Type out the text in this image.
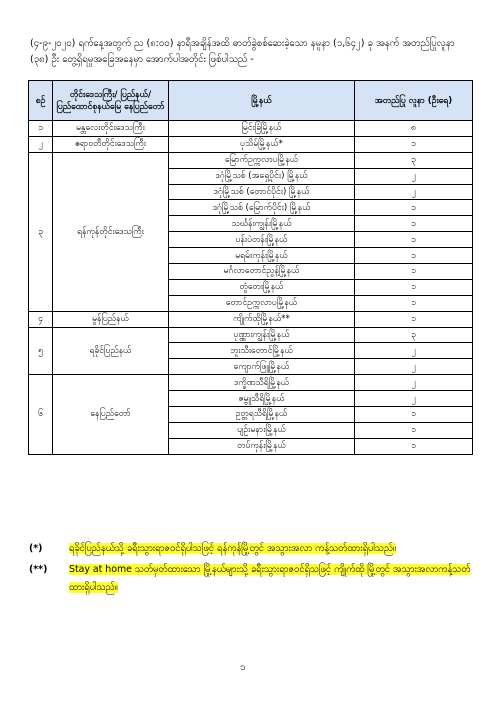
(၄-၉-၂၀၂၀) ရက်နေ့အတွက် ည (၈:၀၀) နာရီအချိန်အထိ ဓာတ်ခွဲစစ်ဆေးခဲ့သော နမူနာ (၁,၆၄၂) ခု အနက် အတည်ပြုလူနာ (၃၈) ဦး တွေ့ရှိရမှုအခြေအနေမှာ အောက်ပါအတိုင်း ဖြစ်ပါသည် -

စဉ်	တိုင်းဒေသကြီး/ ပြည်နယ်/ ပြည်ထောင်စုနယ်မြေ နေပြည်တော်	မြို့နယ်	အတည်ပြု လူနာ (ဦးရေ)
၁	မန္တလေးတိုင်းဒေသကြီး	မြင်းခြံမြို့နယ်	၈
၂	ဧရာဝတီတိုင်းဒေသကြီး	ပုသိမ်မြို့နယ်*	၁
၃	ရန်ကုန်တိုင်းဒေသကြီး	မြောက်ဥက္ကလာပမြို့နယ်	၃
		ဒဂုံမြို့သစ် (အရှေ့ပိုင်း) မြို့နယ်	၂
		ဒဂုံမြို့သစ် (တောင်ပိုင်း) မြို့နယ်	၂
		ဒဂုံမြို့သစ် (မြောက်ပိုင်း) မြို့နယ်	၁
		သင်္ဃန်းကျွန်းမြို့နယ်	၁
		ပန်းပဲတန်းမြို့နယ်	၁
		မရမ်းကုန်းမြို့နယ်	၁
		မင်္ဂလာတောင်ညွန့်မြို့နယ်	၁
		တွံတေးမြို့နယ်	၁
		တောင်ဥက္ကလာပမြို့နယ်	၁
၄	မွန်ပြည်နယ်	ကျိုက်ထိုမြို့နယ်**	၁
၅	ရခိုင်ပြည်နယ်	ပုဏ္ဏားကျွန်းမြို့နယ်	၃
		ဘူးသီးတောင်မြို့နယ်	၂
		ကျောက်ဖြူမြို့နယ်	၂
၆	နေပြည်တော်	ဒက္ခိဏသီရိမြို့နယ်	၂
		ဇမ္ဗူသီရိမြို့နယ်	၂
		ဥတ္တရသီရိမြို့နယ်	၁
		ပျဉ်းမနားမြို့နယ်	၁
		တပ်ကုန်းမြို့နယ်	၁
(*)	ရခိုင်ပြည်နယ်သို့ ခရီးသွားရာဇဝင်ရှိပါသဖြင့် ရန်ကုန်မြို့တွင် အသွားအလာ ကန့်သတ်ထားရှိပါသည်။
(**)	Stay at home သတ်မှတ်ထားသော မြို့နယ်များသို့ ခရီးသွားရာဇဝင်ရှိသဖြင့် ကျိုက်ထို မြို့တွင် အသွားအလာကန့်သတ်ထားရှိပါသည်။
၁
